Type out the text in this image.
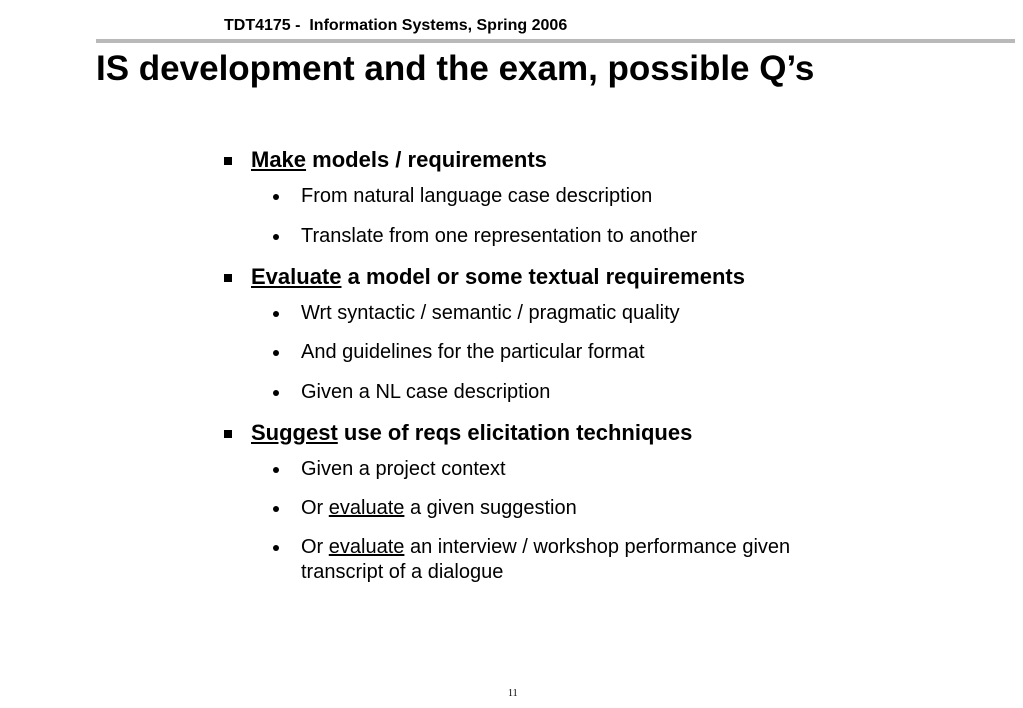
TDT4175 -  Information Systems, Spring 2006
IS development and the exam, possible Q’s
Make models / requirements
From natural language case description
Translate from one representation to another
Evaluate a model or some textual requirements
Wrt syntactic / semantic / pragmatic quality
And guidelines for the particular format
Given a NL case description
Suggest use of reqs elicitation techniques
Given a project context
Or evaluate a given suggestion
Or evaluate an interview / workshop performance given transcript of a dialogue
11
